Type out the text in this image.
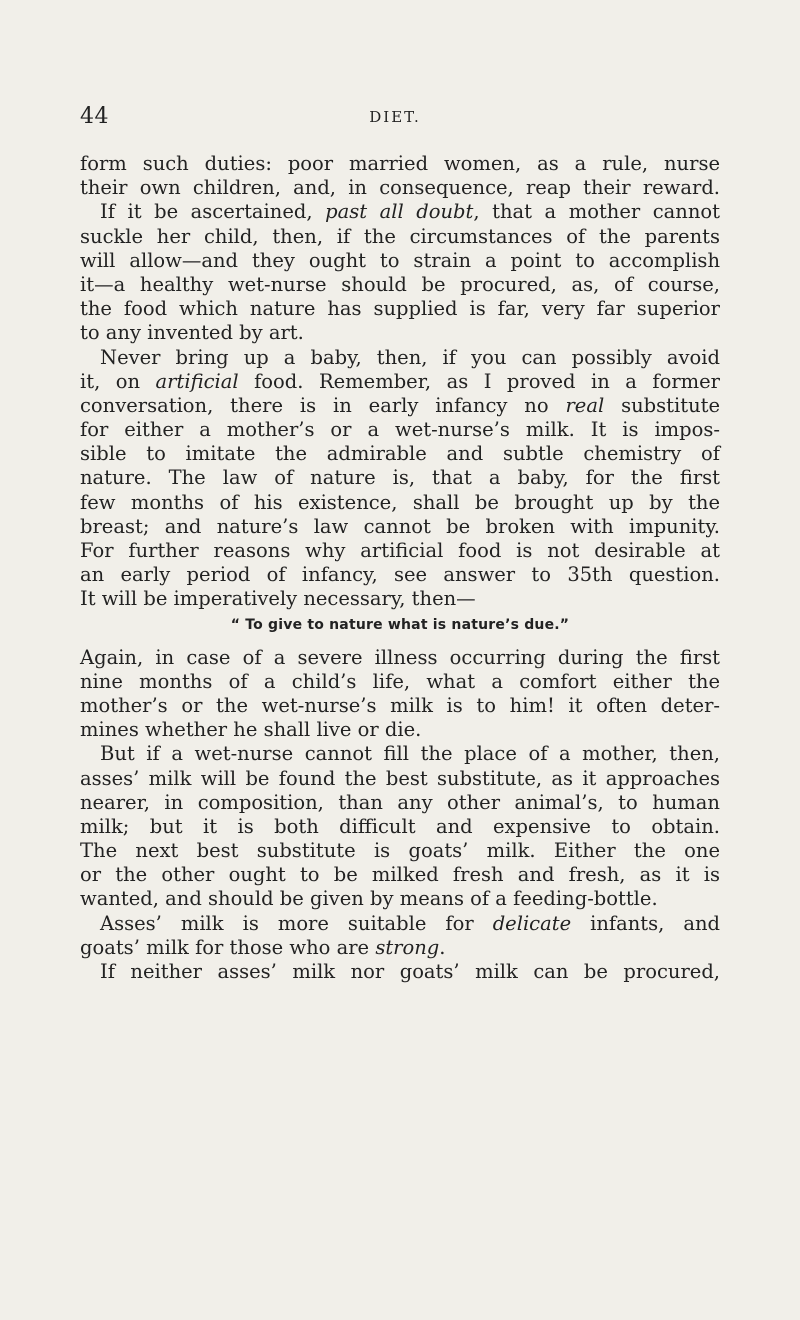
44	DIET.
form such duties: poor married women, as a rule, nurse
their own children, and, in consequence, reap their reward.
If it be ascertained, past all doubt, that a mother cannot
suckle her child, then, if the circumstances of the parents
will allow—and they ought to strain a point to accomplish
it—a healthy wet-nurse should be procured, as, of course,
the food which nature has supplied is far, very far superior
to any invented by art.
Never bring up a baby, then, if you can possibly avoid
it, on artificial food. Remember, as I proved in a former
conversation, there is in early infancy no real substitute
for either a mother’s or a wet-nurse’s milk. It is impos-
sible to imitate the admirable and subtle chemistry of
nature. The law of nature is, that a baby, for the first
few months of his existence, shall be brought up by the
breast; and nature’s law cannot be broken with impunity.
For further reasons why artificial food is not desirable at
an early period of infancy, see answer to 35th question.
It will be imperatively necessary, then—
“ To give to nature what is nature’s due.”
Again, in case of a severe illness occurring during the first
nine months of a child’s life, what a comfort either the
mother’s or the wet-nurse’s milk is to him! it often deter-
mines whether he shall live or die.
But if a wet-nurse cannot fill the place of a mother, then,
asses’ milk will be found the best substitute, as it approaches
nearer, in composition, than any other animal’s, to human
milk; but it is both difficult and expensive to obtain.
The next best substitute is goats’ milk. Either the one
or the other ought to be milked fresh and fresh, as it is
wanted, and should be given by means of a feeding-bottle.
Asses’ milk is more suitable for delicate infants, and
goats’ milk for those who are strong.
If neither asses’ milk nor goats’ milk can be procured,
